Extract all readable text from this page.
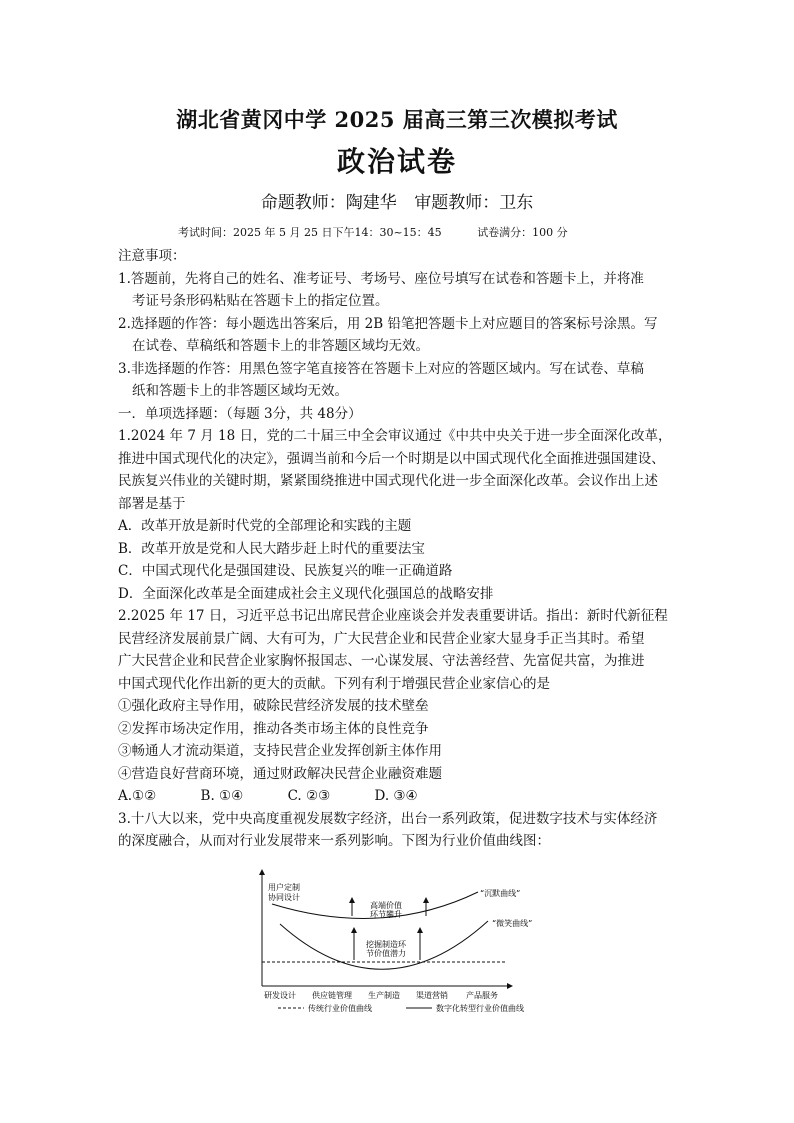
湖北省黄冈中学 2025 届高三第三次模拟考试
政治试卷
命题教师：陶建华 审题教师：卫东
考试时间：2025 年 5 月 25 日下午14：30~15：45	试卷满分：100 分
注意事项：
1.答题前，先将自己的姓名、准考证号、考场号、座位号填写在试卷和答题卡上，并将准
考证号条形码粘贴在答题卡上的指定位置。
2.选择题的作答：每小题选出答案后，用 2B 铅笔把答题卡上对应题目的答案标号涂黑。写
在试卷、草稿纸和答题卡上的非答题区域均无效。
3.非选择题的作答：用黑色签字笔直接答在答题卡上对应的答题区域内。写在试卷、草稿
纸和答题卡上的非答题区域均无效。
一．单项选择题：（每题 3分，共 48分）
1.2024 年 7 月 18 日，党的二十届三中全会审议通过《中共中央关于进一步全面深化改革，
推进中国式现代化的决定》，强调当前和今后一个时期是以中国式现代化全面推进强国建设、
民族复兴伟业的关键时期，紧紧围绕推进中国式现代化进一步全面深化改革。会议作出上述
部署是基于
A．改革开放是新时代党的全部理论和实践的主题
B．改革开放是党和人民大踏步赶上时代的重要法宝
C．中国式现代化是强国建设、民族复兴的唯一正确道路
D．全面深化改革是全面建成社会主义现代化强国总的战略安排
2.2025 年 17 日，习近平总书记出席民营企业座谈会并发表重要讲话。指出：新时代新征程
民营经济发展前景广阔、大有可为，广大民营企业和民营企业家大显身手正当其时。希望
广大民营企业和民营企业家胸怀报国志、一心谋发展、守法善经营、先富促共富，为推进
中国式现代化作出新的更大的贡献。下列有利于增强民营企业家信心的是
①强化政府主导作用，破除民营经济发展的技术壁垒
②发挥市场决定作用，推动各类市场主体的良性竞争
③畅通人才流动渠道，支持民营企业发挥创新主体作用
④营造良好营商环境，通过财政解决民营企业融资难题
A.①②	B. ①④	C. ②③	D. ③④
3.十八大以来，党中央高度重视发展数字经济，出台一系列政策，促进数字技术与实体经济
的深度融合，从而对行业发展带来一系列影响。下图为行业价值曲线图：
用户定制
协同设计	“沉默曲线”
“微笑曲线”
高端价值
环节攀升
挖掘制造环
节价值潜力
研发设计 供应链管理 生产制造 渠道营销 产品服务
传统行业价值曲线	数字化转型行业价值曲线
